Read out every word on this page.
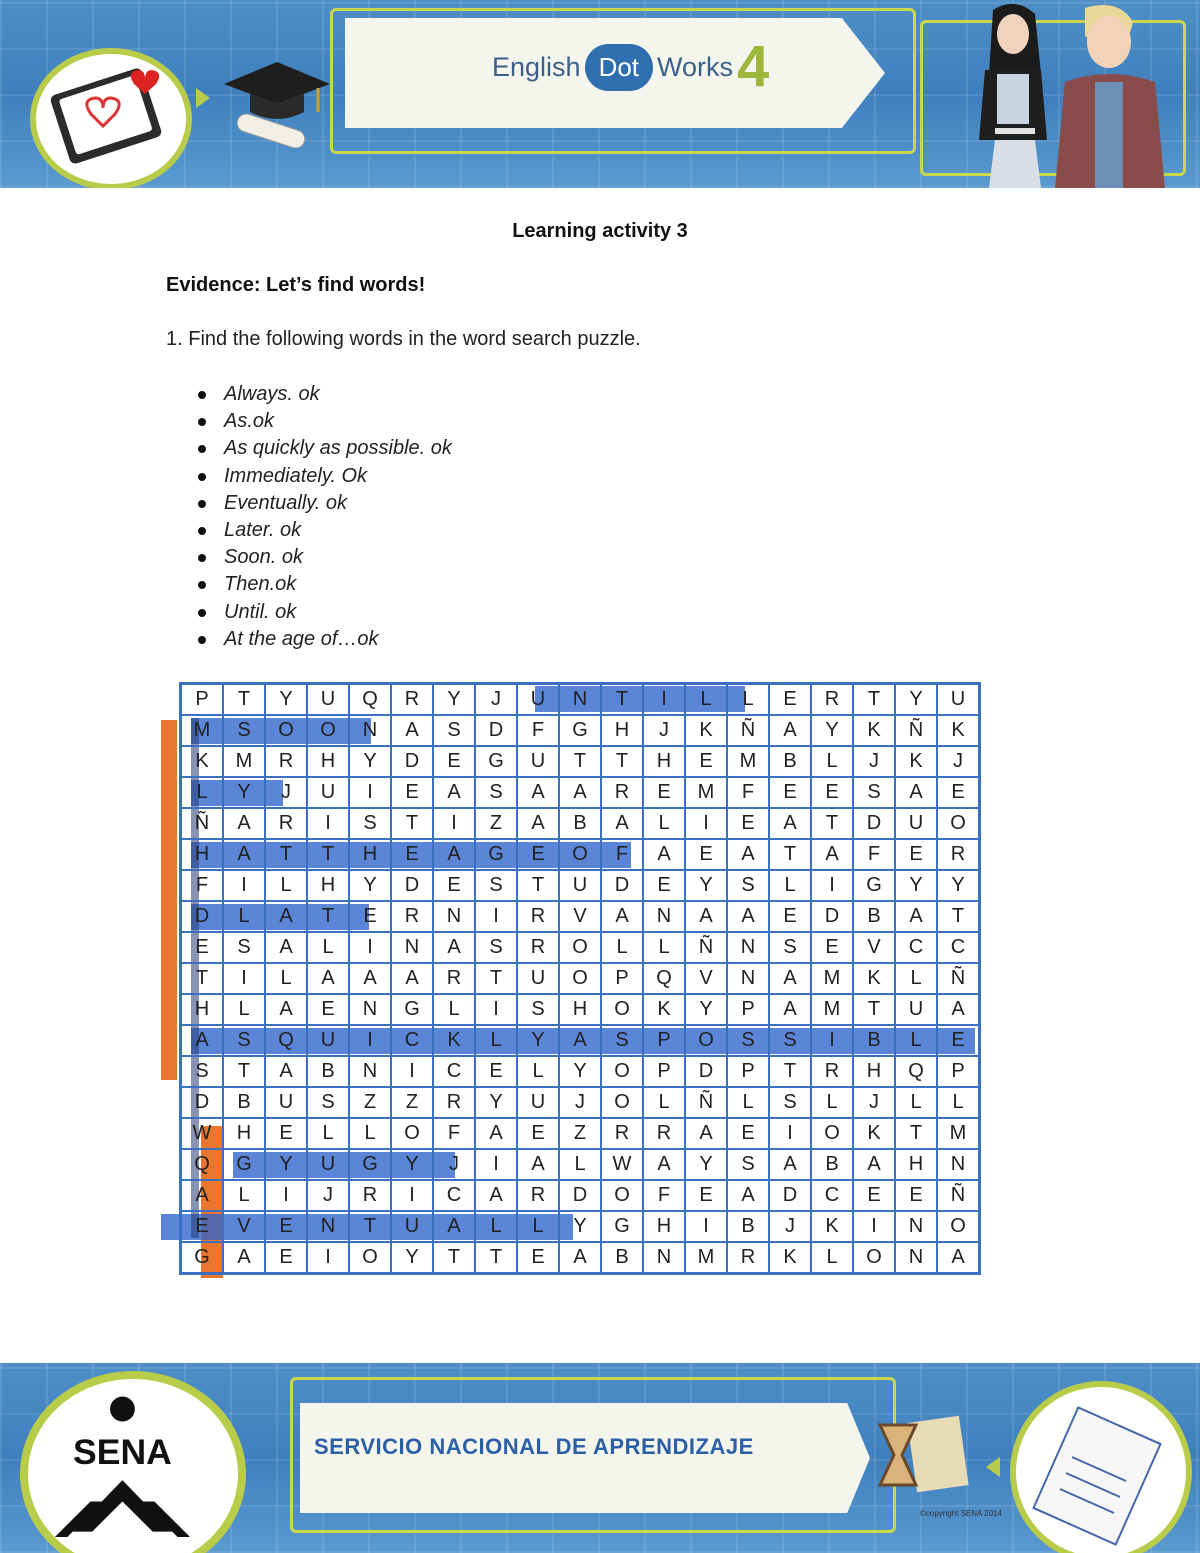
English Dot Works 4
Learning activity 3
Evidence: Let’s find words!
1. Find the following words in the word search puzzle.
Always. ok
As.ok
As quickly as possible. ok
Immediately. Ok
Eventually. ok
Later. ok
Soon. ok
Then.ok
Until. ok
At the age of…ok
P	T	Y	U	Q	R	Y	J	U	N	T	I	L	L	E	R	T	Y	U
M	S	O	O	N	A	S	D	F	G	H	J	K	Ñ	A	Y	K	Ñ	K
K	M	R	H	Y	D	E	G	U	T	T	H	E	M	B	L	J	K	J
L	Y	J	U	I	E	A	S	A	A	R	E	M	F	E	E	S	A	E
Ñ	A	R	I	S	T	I	Z	A	B	A	L	I	E	A	T	D	U	O
H	A	T	T	H	E	A	G	E	O	F	A	E	A	T	A	F	E	R
F	I	L	H	Y	D	E	S	T	U	D	E	Y	S	L	I	G	Y	Y
D	L	A	T	E	R	N	I	R	V	A	N	A	A	E	D	B	A	T
E	S	A	L	I	N	A	S	R	O	L	L	Ñ	N	S	E	V	C	C
T	I	L	A	A	A	R	T	U	O	P	Q	V	N	A	M	K	L	Ñ
H	L	A	E	N	G	L	I	S	H	O	K	Y	P	A	M	T	U	A
A	S	Q	U	I	C	K	L	Y	A	S	P	O	S	S	I	B	L	E
S	T	A	B	N	I	C	E	L	Y	O	P	D	P	T	R	H	Q	P
D	B	U	S	Z	Z	R	Y	U	J	O	L	Ñ	L	S	L	J	L	L
W	H	E	L	L	O	F	A	E	Z	R	R	A	E	I	O	K	T	M
Q	G	Y	U	G	Y	J	I	A	L	W	A	Y	S	A	B	A	H	N
A	L	I	J	R	I	C	A	R	D	O	F	E	A	D	C	E	E	Ñ
E	V	E	N	T	U	A	L	L	Y	G	H	I	B	J	K	I	N	O
G	A	E	I	O	Y	T	T	E	A	B	N	M	R	K	L	O	N	A
SENA	SERVICIO NACIONAL DE APRENDIZAJE
©copyright SENA 2014
